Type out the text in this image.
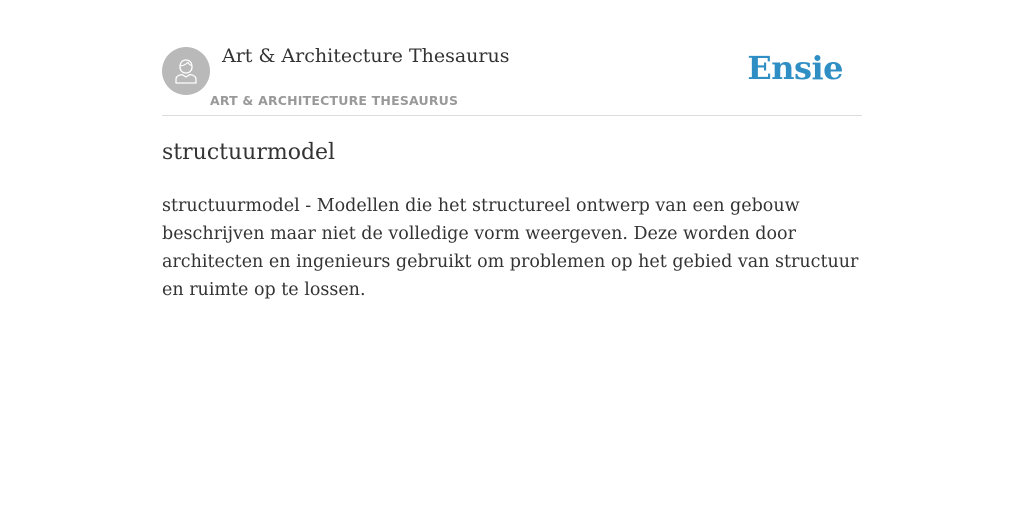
Art & Architecture Thesaurus
ART & ARCHITECTURE THESAURUS
Ensie
structuurmodel

structuurmodel - Modellen die het structureel ontwerp van een gebouw beschrijven maar niet de volledige vorm weergeven. Deze worden door architecten en ingenieurs gebruikt om problemen op het gebied van structuur en ruimte op te lossen.
